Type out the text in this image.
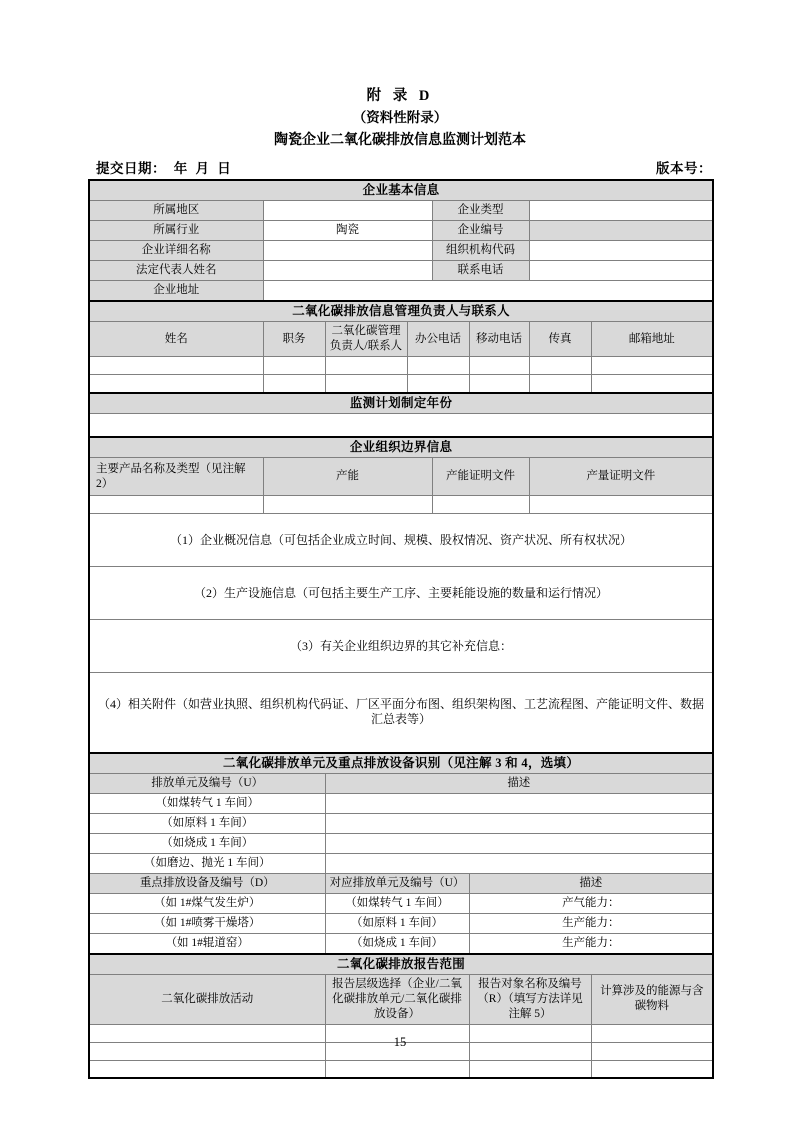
附 录 D
（资料性附录）
陶瓷企业二氧化碳排放信息监测计划范本
提交日期：  年  月  日	版本号：
企业基本信息							
所属地区				企业类型			
所属行业	陶瓷			企业编号			
企业详细名称				组织机构代码			
法定代表人姓名				联系电话			
企业地址							
二氧化碳排放信息管理负责人与联系人							
姓名	职务	二氧化碳管理负责人/联系人	办公电话		移动电话	传真	邮箱地址

监测计划制定年份							

企业组织边界信息							
主要产品名称及类型（见注解 2）	产能			产能证明文件		产量证明文件	

（1）企业概况信息（可包括企业成立时间、规模、股权情况、资产状况、所有权状况）							
（2）生产设施信息（可包括主要生产工序、主要耗能设施的数量和运行情况）							
（3）有关企业组织边界的其它补充信息：							
（4）相关附件（如营业执照、组织机构代码证、厂区平面分布图、组织架构图、工艺流程图、产能证明文件、数据汇总表等）							
二氧化碳排放单元及重点排放设备识别（见注解 3 和 4，选填）							
排放单元及编号（U）		描述					
（如煤转气 1 车间）							
（如原料 1 车间）							
（如烧成 1 车间）							
（如磨边、抛光 1 车间）							
重点排放设备及编号（D）		对应排放单元及编号（U）			描述		
（如 1#煤气发生炉）		（如煤转气 1 车间）			产气能力：		
（如 1#喷雾干燥塔）		（如原料 1 车间）			生产能力：		
（如 1#辊道窑）		（如烧成 1 车间）			生产能力：		
二氧化碳排放报告范围							
二氧化碳排放活动		报告层级选择（企业/二氧化碳排放单元/二氧化碳排放设备）			报告对象名称及编号（R）（填写方法详见注解 5）		计算涉及的能源与含碳物料

15
